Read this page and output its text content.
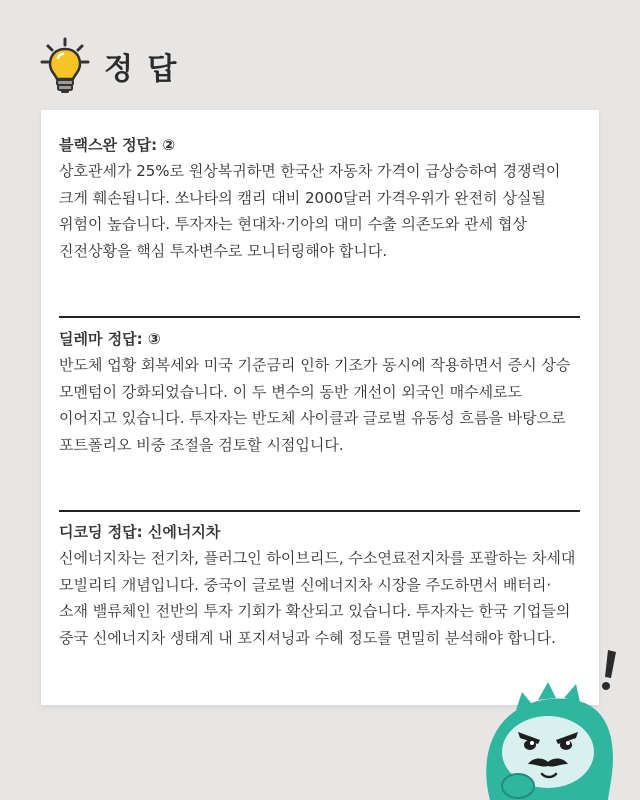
정 답
블랙스완 정답: ②

상호관세가 25%로 원상복귀하면 한국산 자동차 가격이 급상승하여 경쟁력이 크게 훼손됩니다. 쏘나타의 캠리 대비 2000달러 가격우위가 완전히 상실될 위험이 높습니다. 투자자는 현대차·기아의 대미 수출 의존도와 관세 협상 진전상황을 핵심 투자변수로 모니터링해야 합니다.

딜레마 정답: ③

반도체 업황 회복세와 미국 기준금리 인하 기조가 동시에 작용하면서 증시 상승 모멘텀이 강화되었습니다. 이 두 변수의 동반 개선이 외국인 매수세로도 이어지고 있습니다. 투자자는 반도체 사이클과 글로벌 유동성 흐름을 바탕으로 포트폴리오 비중 조절을 검토할 시점입니다.

디코딩 정답: 신에너지차

신에너지차는 전기차, 플러그인 하이브리드, 수소연료전지차를 포괄하는 차세대 모빌리티 개념입니다. 중국이 글로벌 신에너지차 시장을 주도하면서 배터리·소재 밸류체인 전반의 투자 기회가 확산되고 있습니다. 투자자는 한국 기업들의 중국 신에너지차 생태계 내 포지셔닝과 수혜 정도를 면밀히 분석해야 합니다.
